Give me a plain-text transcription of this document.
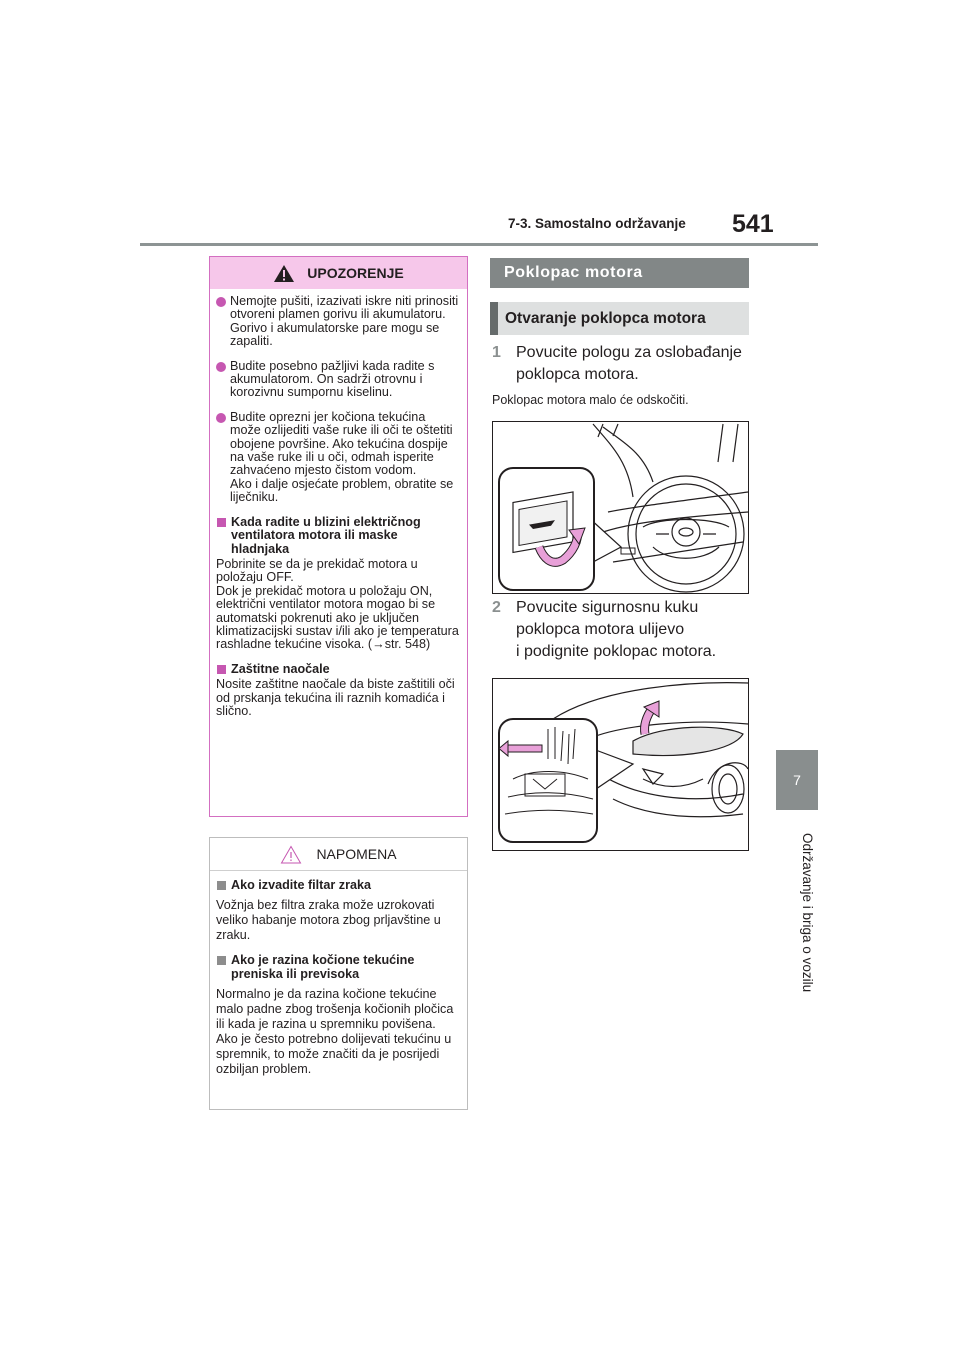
7-3. Samostalno održavanje 541
7
Održavanje i briga o vozilu
UPOZORENJE
Nemojte pušiti, izazivati iskre niti prinositi otvoreni plamen gorivu ili akumulatoru. Gorivo i akumulatorske pare mogu se zapaliti.
Budite posebno pažljivi kada radite s akumulatorom. On sadrži otrovnu i korozivnu sumpornu kiselinu.
Budite oprezni jer kočiona tekućina može ozlijediti vaše ruke ili oči te oštetiti obojene površine. Ako tekućina dospije na vaše ruke ili u oči, odmah isperite zahvaćeno mjesto čistom vodom.
Ako i dalje osjećate problem, obratite se liječniku.
Kada radite u blizini električnog ventilatora motora ili maske hladnjaka
Pobrinite se da je prekidač motora u položaju OFF.
Dok je prekidač motora u položaju ON, električni ventilator motora mogao bi se automatski pokrenuti ako je uključen klimatizacijski sustav i/ili ako je temperatura rashladne tekućine visoka. (→str. 548)
Zaštitne naočale
Nosite zaštitne naočale da biste zaštitili oči od prskanja tekućina ili raznih komadića i slično.
NAPOMENA
Ako izvadite filtar zraka
Vožnja bez filtra zraka može uzrokovati veliko habanje motora zbog prljavštine u zraku.
Ako je razina kočione tekućine preniska ili previsoka
Normalno je da razina kočione tekućine malo padne zbog trošenja kočionih pločica ili kada je razina u spremniku povišena.
Ako je često potrebno dolijevati tekućinu u spremnik, to može značiti da je posrijedi ozbiljan problem.
Poklopac motora
Otvaranje poklopca motora
1 Povucite pologu za oslobađanje
poklopca motora.
Poklopac motora malo će odskočiti.
2 Povucite sigurnosnu kuku
poklopca motora ulijevo
i podignite poklopac motora.
